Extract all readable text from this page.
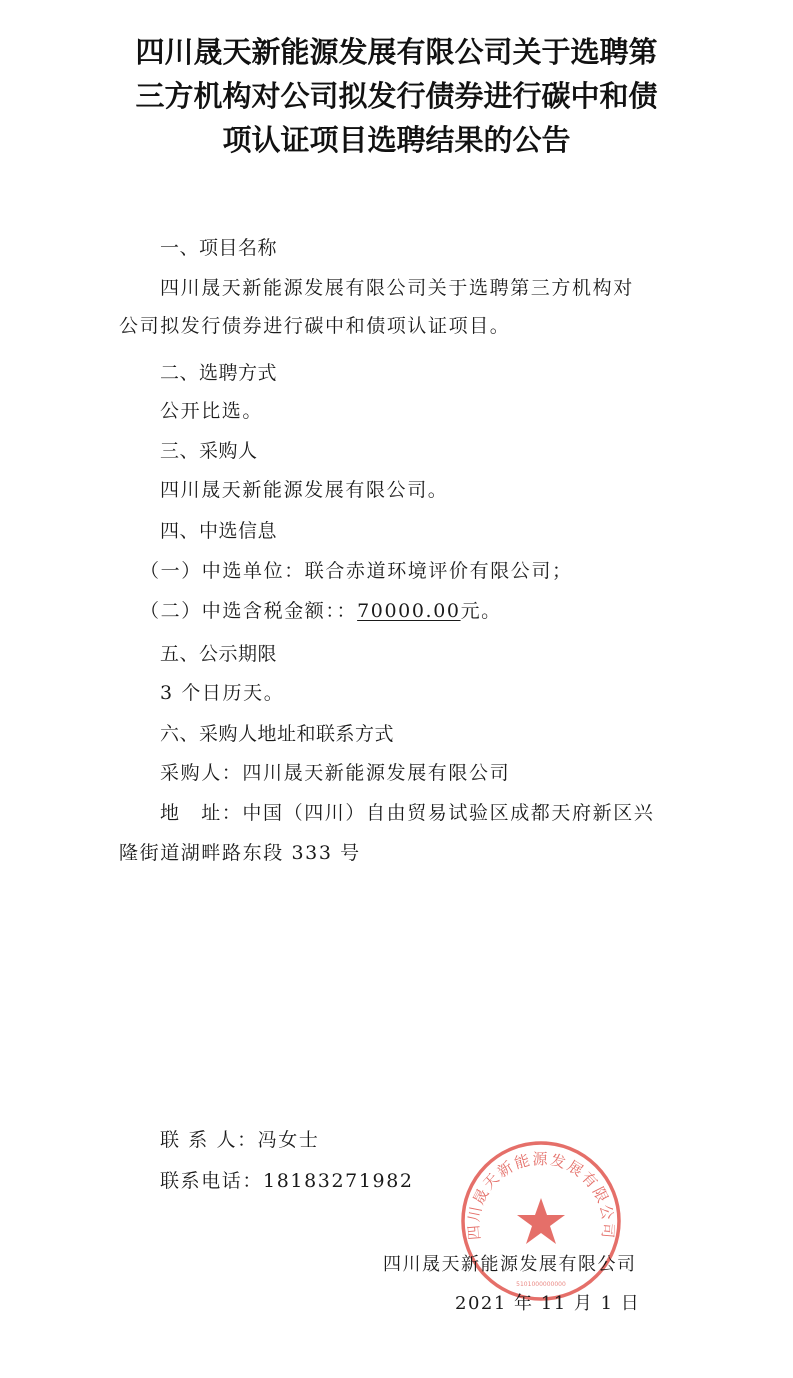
四川晟天新能源发展有限公司关于选聘第
三方机构对公司拟发行债券进行碳中和债
项认证项目选聘结果的公告
一、项目名称
四川晟天新能源发展有限公司关于选聘第三方机构对
公司拟发行债券进行碳中和债项认证项目。
二、选聘方式
公开比选。
三、采购人
四川晟天新能源发展有限公司。
四、中选信息
（一）中选单位：联合赤道环境评价有限公司；
（二）中选含税金额：：70000.00元。
五、公示期限
3 个日历天。
六、采购人地址和联系方式
采购人：四川晟天新能源发展有限公司
地　址：中国（四川）自由贸易试验区成都天府新区兴
隆街道湖畔路东段 333 号
联 系 人：冯女士
联系电话：18183271982
四川晟天新能源发展有限公司
5101000000000
四川晟天新能源发展有限公司
2021 年 11 月 1 日
